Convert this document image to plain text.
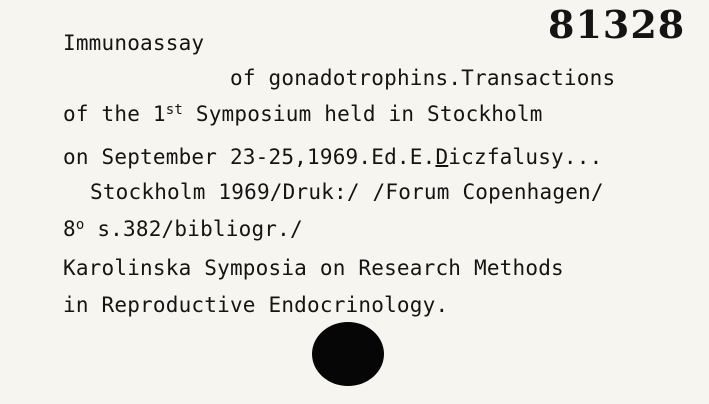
81328
Immunoassay
of gonadotrophins.Transactions
of the 1st Symposium held in Stockholm
on September 23-25,1969.Ed.E.Diczfalusy...
Stockholm 1969/Druk:/ /Forum Copenhagen/
8$^o$ s.382/bibliogr./
Karolinska Symposia on Research Methods
in Reproductive Endocrinology.
